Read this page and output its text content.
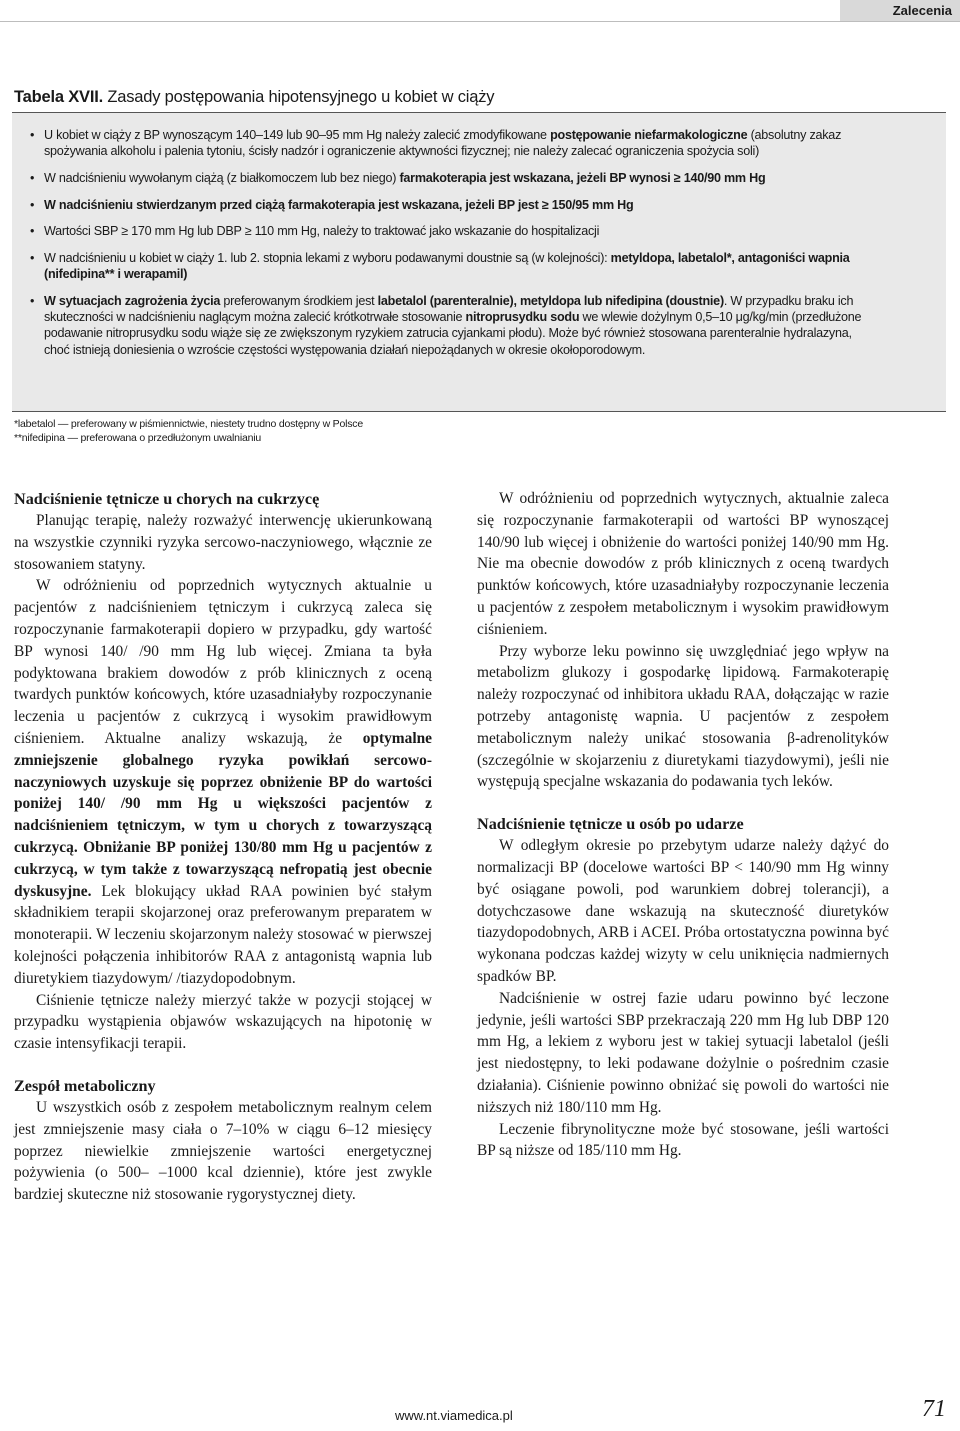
Zalecenia
Tabela XVII. Zasady postępowania hipotensyjnego u kobiet w ciąży
• U kobiet w ciąży z BP wynoszącym 140–149 lub 90–95 mm Hg należy zalecić zmodyfikowane postępowanie niefarmakologiczne (absolutny zakaz spożywania alkoholu i palenia tytoniu, ścisły nadzór i ograniczenie aktywności fizycznej; nie należy zalecać ograniczenia spożycia soli)
• W nadciśnieniu wywołanym ciążą (z białkomoczem lub bez niego) farmakoterapia jest wskazana, jeżeli BP wynosi ≥ 140/90 mm Hg
• W nadciśnieniu stwierdzanym przed ciążą farmakoterapia jest wskazana, jeżeli BP jest ≥ 150/95 mm Hg
• Wartości SBP ≥ 170 mm Hg lub DBP ≥ 110 mm Hg, należy to traktować jako wskazanie do hospitalizacji
• W nadciśnieniu u kobiet w ciąży 1. lub 2. stopnia lekami z wyboru podawanymi doustnie są (w kolejności): metyldopa, labetalol*, antagoniści wapnia (nifedipina** i werapamil)
• W sytuacjach zagrożenia życia preferowanym środkiem jest labetalol (parenteralnie), metyldopa lub nifedipina (doustnie). W przypadku braku ich skuteczności w nadciśnieniu naglącym można zalecić krótkotrwałe stosowanie nitroprusydku sodu we wlewie dożylnym 0,5–10 μg/kg/min (przedłużone podawanie nitroprusydku sodu wiąże się ze zwiększonym ryzykiem zatrucia cyjankami płodu). Może być również stosowana parenteralnie hydralazyna, choć istnieją doniesienia o wzroście częstości występowania działań niepożądanych w okresie okołoporodowym.
*labetalol — preferowany w piśmiennictwie, niestety trudno dostępny w Polsce
**nifedipina — preferowana o przedłużonym uwalnianiu
Nadciśnienie tętnicze u chorych na cukrzycę

Planując terapię, należy rozważyć interwencję ukierunkowaną na wszystkie czynniki ryzyka sercowo-naczyniowego, włącznie ze stosowaniem statyny.

W odróżnieniu od poprzednich wytycznych aktualnie u pacjentów z nadciśnieniem tętniczym i cukrzycą zaleca się rozpoczynanie farmakoterapii dopiero w przypadku, gdy wartość BP wynosi 140/ /90 mm Hg lub więcej. Zmiana ta była podyktowana brakiem dowodów z prób klinicznych z oceną twardych punktów końcowych, które uzasadniałyby rozpoczynanie leczenia u pacjentów z cukrzycą i wysokim prawidłowym ciśnieniem. Aktualne analizy wskazują, że optymalne zmniejszenie globalnego ryzyka powikłań sercowo-naczyniowych uzyskuje się poprzez obniżenie BP do wartości poniżej 140/ /90 mm Hg u większości pacjentów z nadciśnieniem tętniczym, w tym u chorych z towarzyszącą cukrzycą. Obniżanie BP poniżej 130/80 mm Hg u pacjentów z cukrzycą, w tym także z towarzyszącą nefropatią jest obecnie dyskusyjne. Lek blokujący układ RAA powinien być stałym składnikiem terapii skojarzonej oraz preferowanym preparatem w monoterapii. W leczeniu skojarzonym należy stosować w pierwszej kolejności połączenia inhibitorów RAA z antagonistą wapnia lub diuretykiem tiazydowym/ /tiazydopodobnym.

Ciśnienie tętnicze należy mierzyć także w pozycji stojącej w przypadku wystąpienia objawów wskazujących na hipotonię w czasie intensyfikacji terapii.

Zespół metaboliczny

U wszystkich osób z zespołem metabolicznym realnym celem jest zmniejszenie masy ciała o 7–10% w ciągu 6–12 miesięcy poprzez niewielkie zmniejszenie wartości energetycznej pożywienia (o 500– –1000 kcal dziennie), które jest zwykle bardziej skuteczne niż stosowanie rygorystycznej diety.

W odróżnieniu od poprzednich wytycznych, aktualnie zaleca się rozpoczynanie farmakoterapii od wartości BP wynoszącej 140/90 lub więcej i obniżenie do wartości poniżej 140/90 mm Hg. Nie ma obecnie dowodów z prób klinicznych z oceną twardych punktów końcowych, które uzasadniałyby rozpoczynanie leczenia u pacjentów z zespołem metabolicznym i wysokim prawidłowym ciśnieniem.

Przy wyborze leku powinno się uwzględniać jego wpływ na metabolizm glukozy i gospodarkę lipidową. Farmakoterapię należy rozpoczynać od inhibitora układu RAA, dołączając w razie potrzeby antagonistę wapnia. U pacjentów z zespołem metabolicznym należy unikać stosowania β-adrenolityków (szczególnie w skojarzeniu z diuretykami tiazydowymi), jeśli nie występują specjalne wskazania do podawania tych leków.

Nadciśnienie tętnicze u osób po udarze

W odległym okresie po przebytym udarze należy dążyć do normalizacji BP (docelowe wartości BP < 140/90 mm Hg winny być osiągane powoli, pod warunkiem dobrej tolerancji), a dotychczasowe dane wskazują na skuteczność diuretyków tiazydopodobnych, ARB i ACEI. Próba ortostatyczna powinna być wykonana podczas każdej wizyty w celu uniknięcia nadmiernych spadków BP.

Nadciśnienie w ostrej fazie udaru powinno być leczone jedynie, jeśli wartości SBP przekraczają 220 mm Hg lub DBP 120 mm Hg, a lekiem z wyboru jest w takiej sytuacji labetalol (jeśli jest niedostępny, to leki podawane dożylnie o pośrednim czasie działania). Ciśnienie powinno obniżać się powoli do wartości nie niższych niż 180/110 mm Hg.

Leczenie fibrynolityczne może być stosowane, jeśli wartości BP są niższe od 185/110 mm Hg.

www.nt.viamedica.pl	71
